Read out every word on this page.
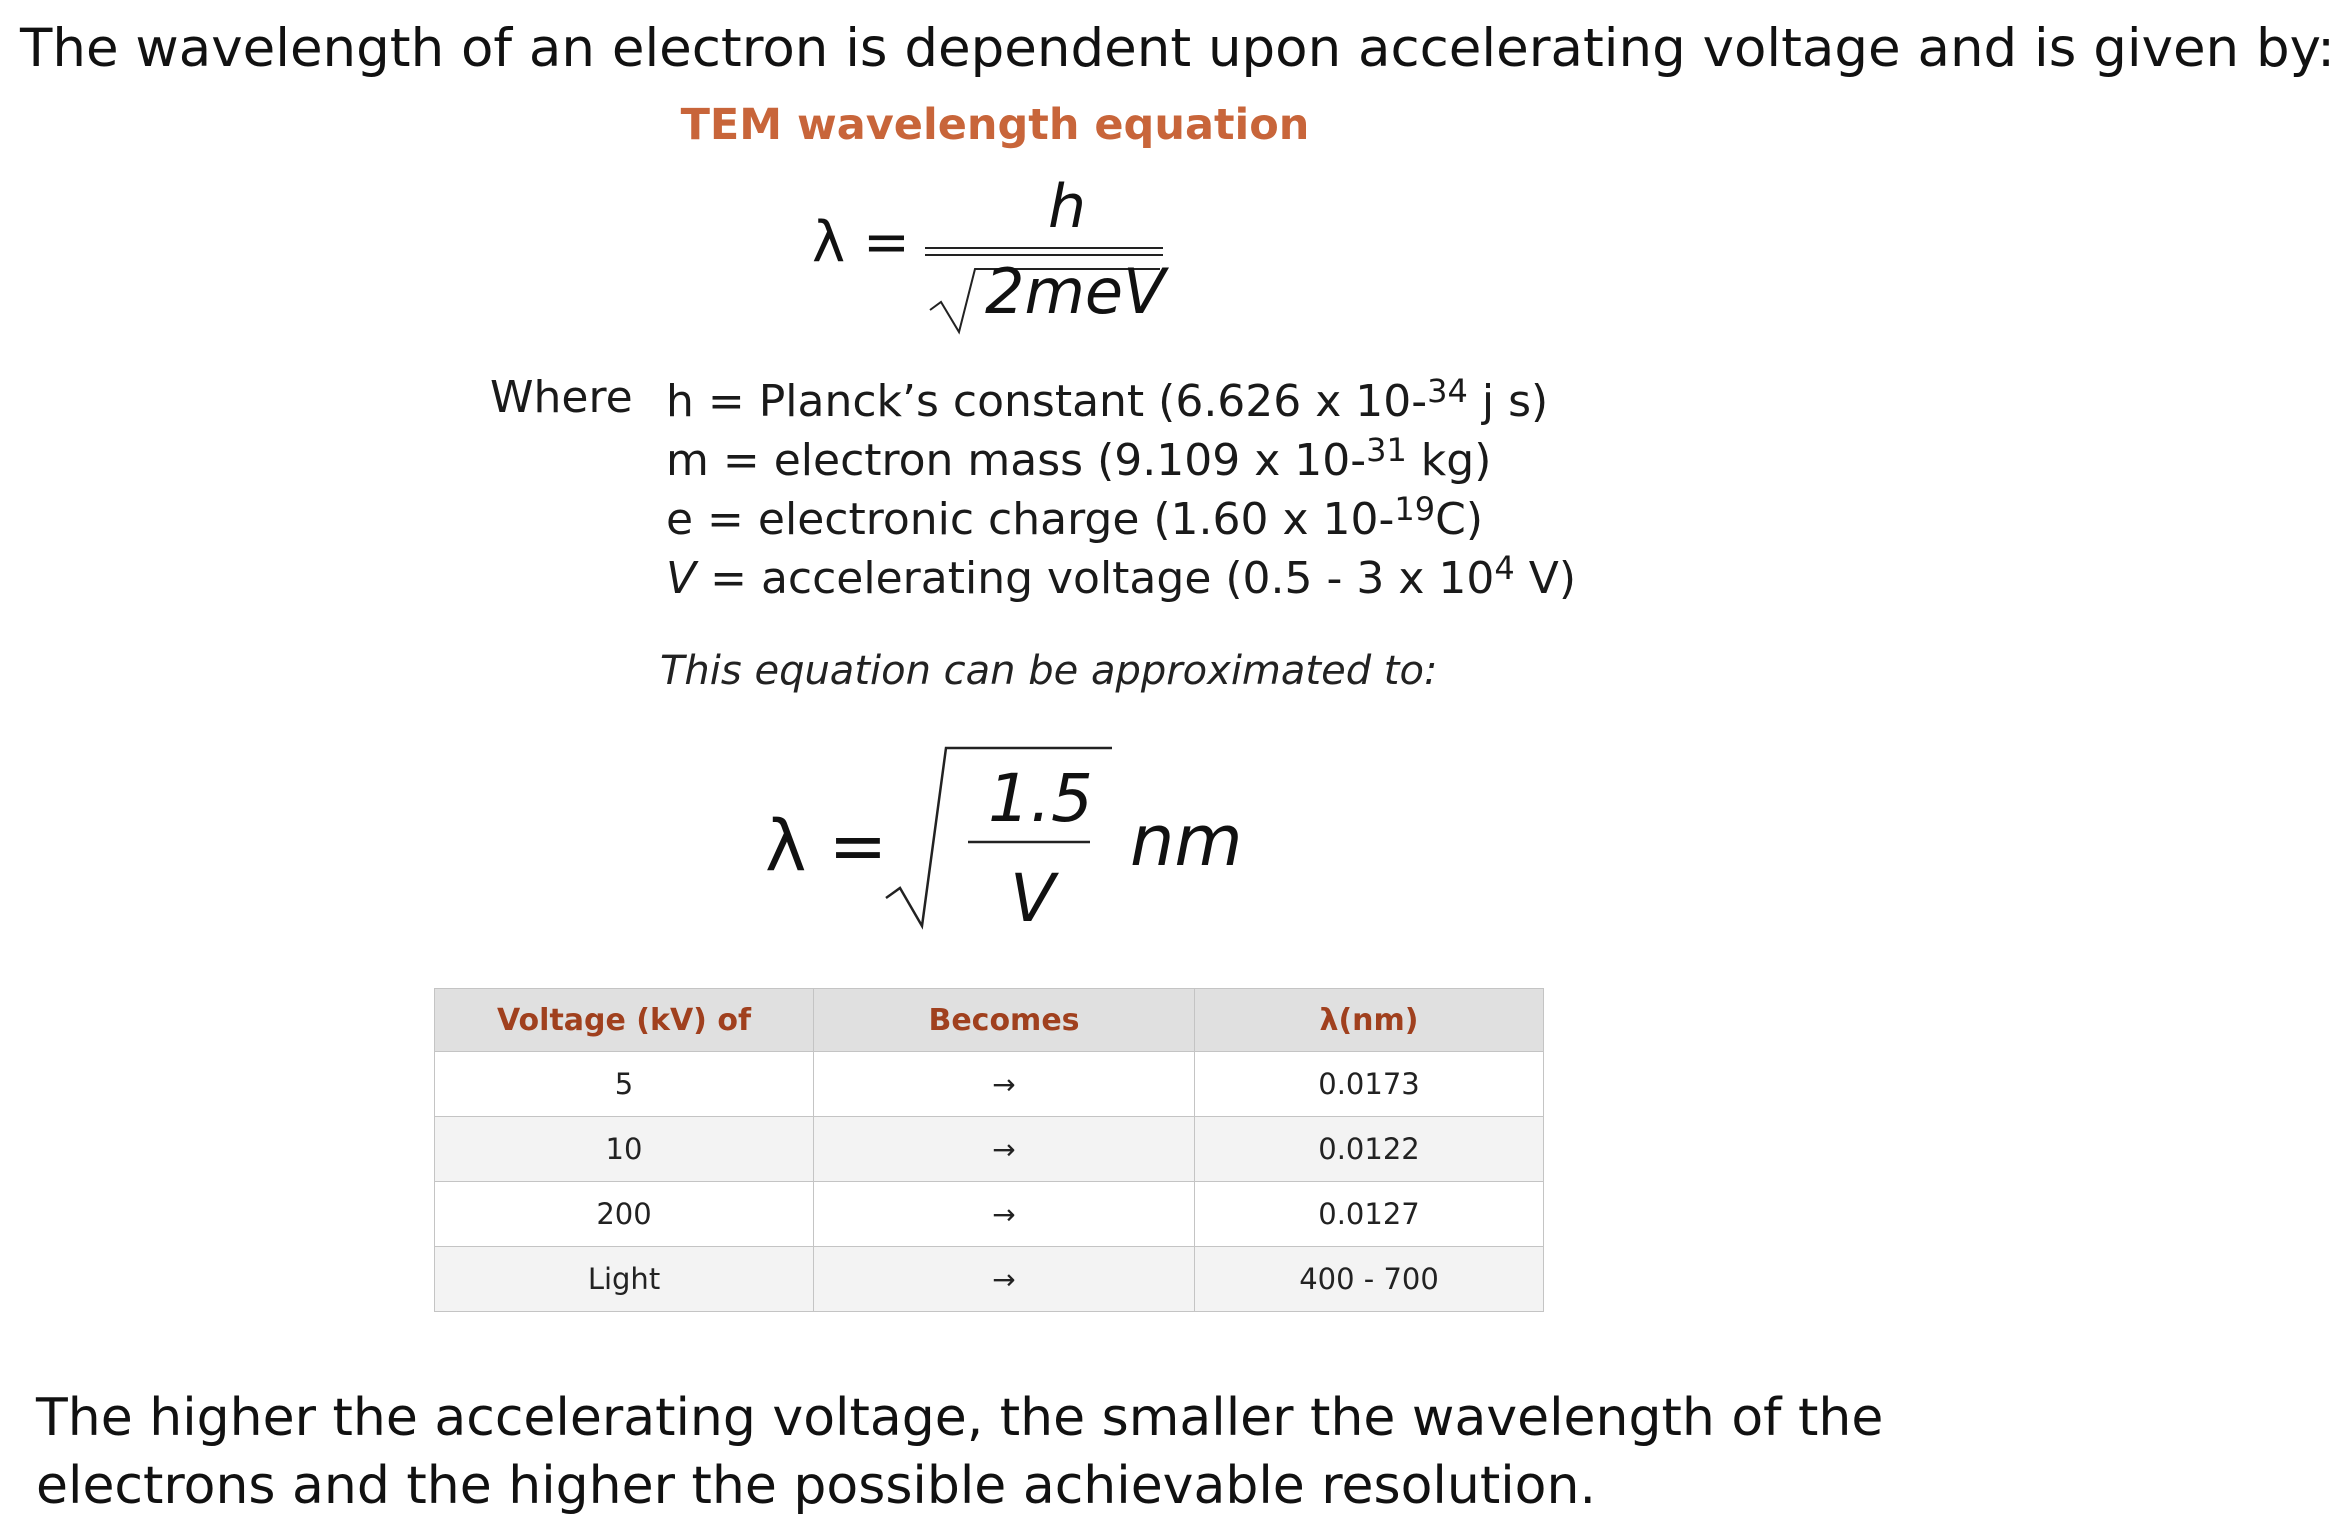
The wavelength of an electron is dependent upon accelerating voltage and is given by:
TEM wavelength equation
λ =
h
2meV
Where h = Planck’s constant (6.626 x 10-$^{34}$ j s)
m = electron mass (9.109 x 10-$^{31}$ kg)
e = electronic charge (1.60 x 10-$^{19}$C)
V = accelerating voltage (0.5 - 3 x $10^4$ V)
This equation can be approximated to:
λ =
1.5
V
nm
Voltage (kV) of	Becomes	λ(nm)
5	→	0.0173
10	→	0.0122
200	→	0.0127
Light	→	400 - 700
The higher the accelerating voltage, the smaller the wavelength of the electrons and the higher the possible achievable resolution.
